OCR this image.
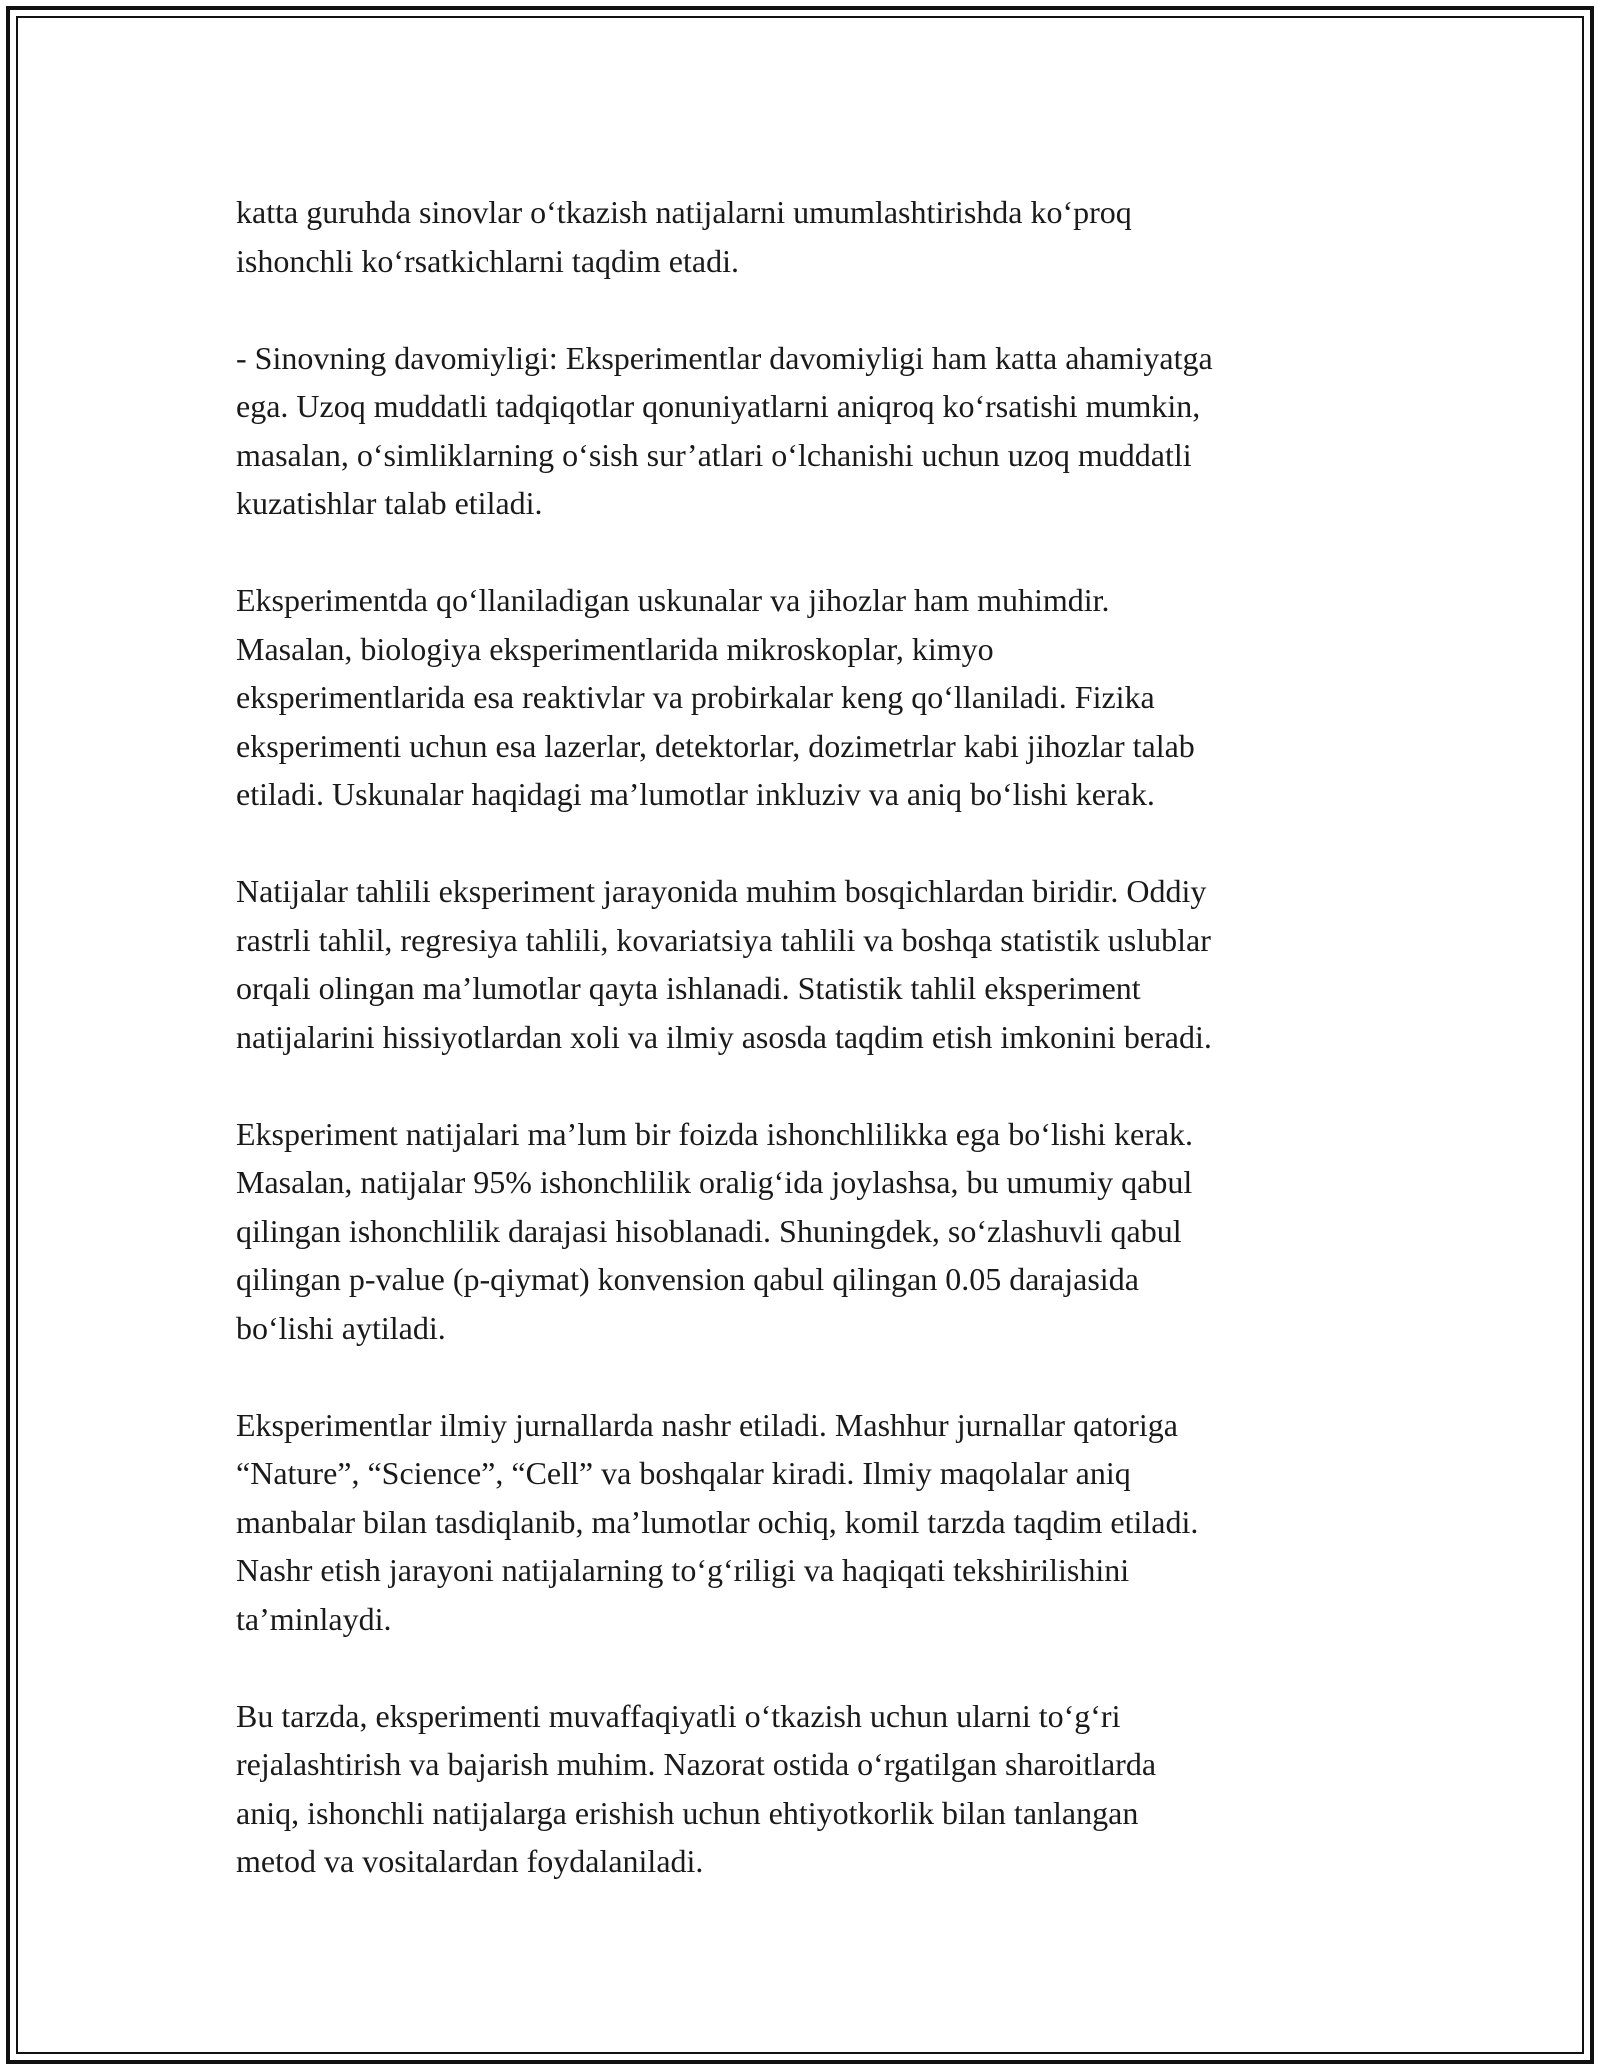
katta guruhda sinovlar o‘tkazish natijalarni umumlashtirishda ko‘proq
ishonchli ko‘rsatkichlarni taqdim etadi.

- Sinovning davomiyligi: Eksperimentlar davomiyligi ham katta ahamiyatga
ega. Uzoq muddatli tadqiqotlar qonuniyatlarni aniqroq ko‘rsatishi mumkin,
masalan, o‘simliklarning o‘sish sur’atlari o‘lchanishi uchun uzoq muddatli
kuzatishlar talab etiladi.

Eksperimentda qo‘llaniladigan uskunalar va jihozlar ham muhimdir.
Masalan, biologiya eksperimentlarida mikroskoplar, kimyo
eksperimentlarida esa reaktivlar va probirkalar keng qo‘llaniladi. Fizika
eksperimenti uchun esa lazerlar, detektorlar, dozimetrlar kabi jihozlar talab
etiladi. Uskunalar haqidagi ma’lumotlar inkluziv va aniq bo‘lishi kerak.

Natijalar tahlili eksperiment jarayonida muhim bosqichlardan biridir. Oddiy
rastrli tahlil, regresiya tahlili, kovariatsiya tahlili va boshqa statistik uslublar
orqali olingan ma’lumotlar qayta ishlanadi. Statistik tahlil eksperiment
natijalarini hissiyotlardan xoli va ilmiy asosda taqdim etish imkonini beradi.

Eksperiment natijalari ma’lum bir foizda ishonchlilikka ega bo‘lishi kerak.
Masalan, natijalar 95% ishonchlilik oralig‘ida joylashsa, bu umumiy qabul
qilingan ishonchlilik darajasi hisoblanadi. Shuningdek, so‘zlashuvli qabul
qilingan p-value (p-qiymat) konvension qabul qilingan 0.05 darajasida
bo‘lishi aytiladi.

Eksperimentlar ilmiy jurnallarda nashr etiladi. Mashhur jurnallar qatoriga
“Nature”, “Science”, “Cell” va boshqalar kiradi. Ilmiy maqolalar aniq
manbalar bilan tasdiqlanib, ma’lumotlar ochiq, komil tarzda taqdim etiladi.
Nashr etish jarayoni natijalarning to‘g‘riligi va haqiqati tekshirilishini
ta’minlaydi.

Bu tarzda, eksperimenti muvaffaqiyatli o‘tkazish uchun ularni to‘g‘ri
rejalashtirish va bajarish muhim. Nazorat ostida o‘rgatilgan sharoitlarda
aniq, ishonchli natijalarga erishish uchun ehtiyotkorlik bilan tanlangan
metod va vositalardan foydalaniladi.
